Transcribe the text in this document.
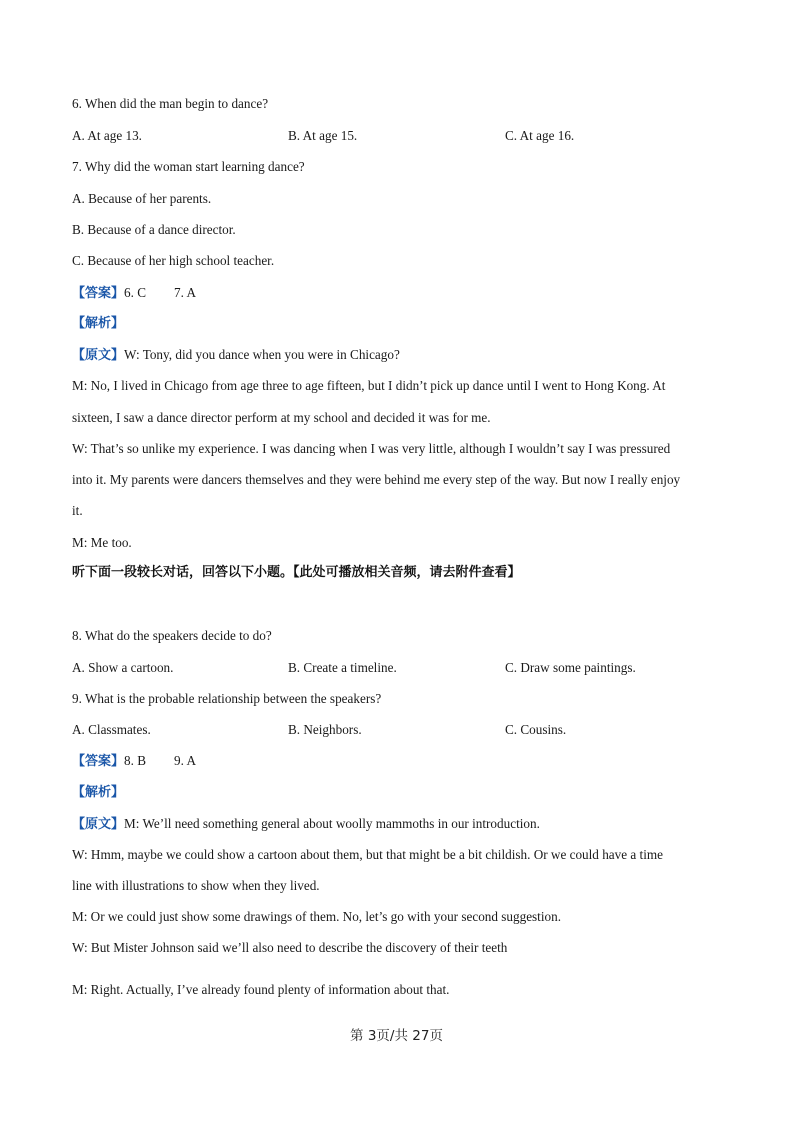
6. When did the man begin to dance?
A. At age 13.	B. At age 15.	C. At age 16.
7. Why did the woman start learning dance?
A. Because of her parents.
B. Because of a dance director.
C. Because of her high school teacher.
【答案】6. C 7. A
【解析】
【原文】W: Tony, did you dance when you were in Chicago?
M: No, I lived in Chicago from age three to age fifteen, but I didn’t pick up dance until I went to Hong Kong. At
sixteen, I saw a dance director perform at my school and decided it was for me.
W: That’s so unlike my experience. I was dancing when I was very little, although I wouldn’t say I was pressured
into it. My parents were dancers themselves and they were behind me every step of the way. But now I really enjoy
it.
M: Me too.
听下面一段较长对话，回答以下小题。【此处可播放相关音频，请去附件查看】
8. What do the speakers decide to do?
A. Show a cartoon.	B. Create a timeline.	C. Draw some paintings.
9. What is the probable relationship between the speakers?
A. Classmates.	B. Neighbors.	C. Cousins.
【答案】8. B 9. A
【解析】
【原文】M: We’ll need something general about woolly mammoths in our introduction.
W: Hmm, maybe we could show a cartoon about them, but that might be a bit childish. Or we could have a time
line with illustrations to show when they lived.
M: Or we could just show some drawings of them. No, let’s go with your second suggestion.
W: But Mister Johnson said we’ll also need to describe the discovery of their teeth
M: Right. Actually, I’ve already found plenty of information about that.
第 3页/共 27页
